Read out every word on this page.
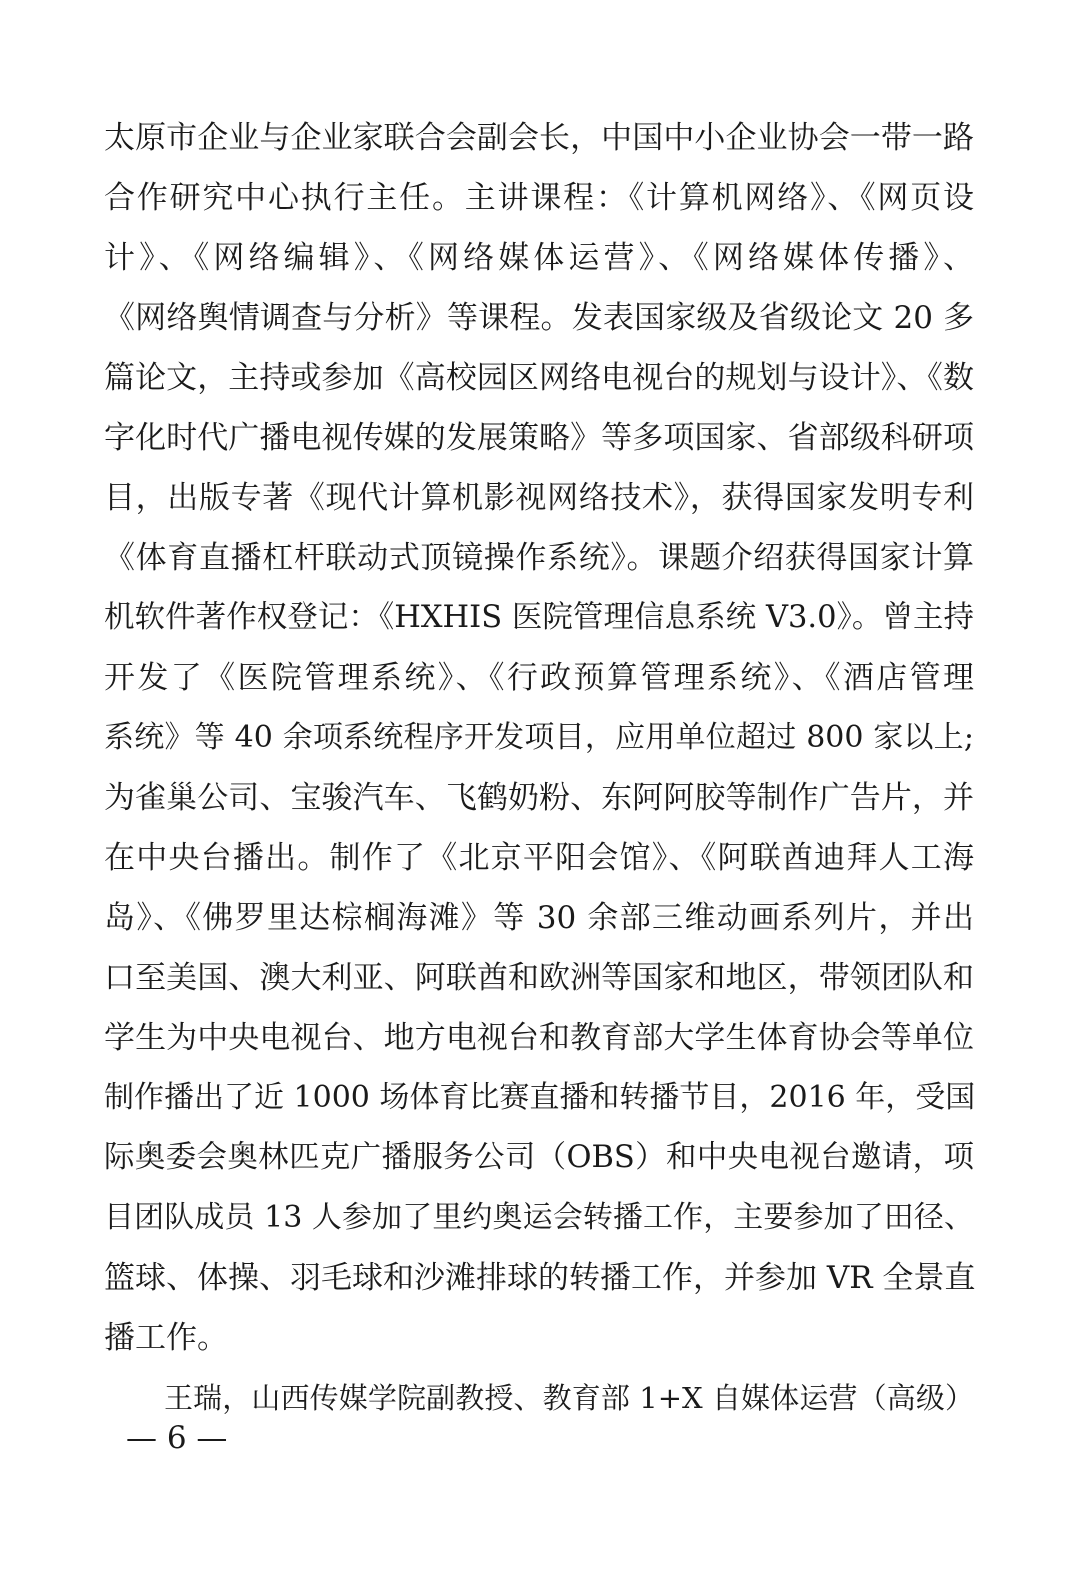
太原市企业与企业家联合会副会长，中国中小企业协会一带一路
合作研究中心执行主任。主讲课程：《计算机网络》、《网页设
计》、《网络编辑》、《网络媒体运营》、《网络媒体传播》、
《网络舆情调查与分析》等课程。发表国家级及省级论文 20 多
篇论文，主持或参加《高校园区网络电视台的规划与设计》、《数
字化时代广播电视传媒的发展策略》等多项国家、省部级科研项
目，出版专著《现代计算机影视网络技术》，获得国家发明专利
《体育直播杠杆联动式顶镜操作系统》。课题介绍获得国家计算
机软件著作权登记：《HXHIS 医院管理信息系统 V3.0》。曾主持
开发了《医院管理系统》、《行政预算管理系统》、《酒店管理
系统》等 40 余项系统程序开发项目，应用单位超过 800 家以上;
为雀巢公司、宝骏汽车、飞鹤奶粉、东阿阿胶等制作广告片，并
在中央台播出。制作了《北京平阳会馆》、《阿联酋迪拜人工海
岛》、《佛罗里达棕榈海滩》等 30 余部三维动画系列片，并出
口至美国、澳大利亚、阿联酋和欧洲等国家和地区，带领团队和
学生为中央电视台、地方电视台和教育部大学生体育协会等单位
制作播出了近 1000 场体育比赛直播和转播节目，2016 年，受国
际奥委会奥林匹克广播服务公司（OBS）和中央电视台邀请，项
目团队成员 13 人参加了里约奥运会转播工作，主要参加了田径、
篮球、体操、羽毛球和沙滩排球的转播工作，并参加 VR 全景直
播工作。
王瑞，山西传媒学院副教授、教育部 1+X 自媒体运营（高级）
— 6 —
